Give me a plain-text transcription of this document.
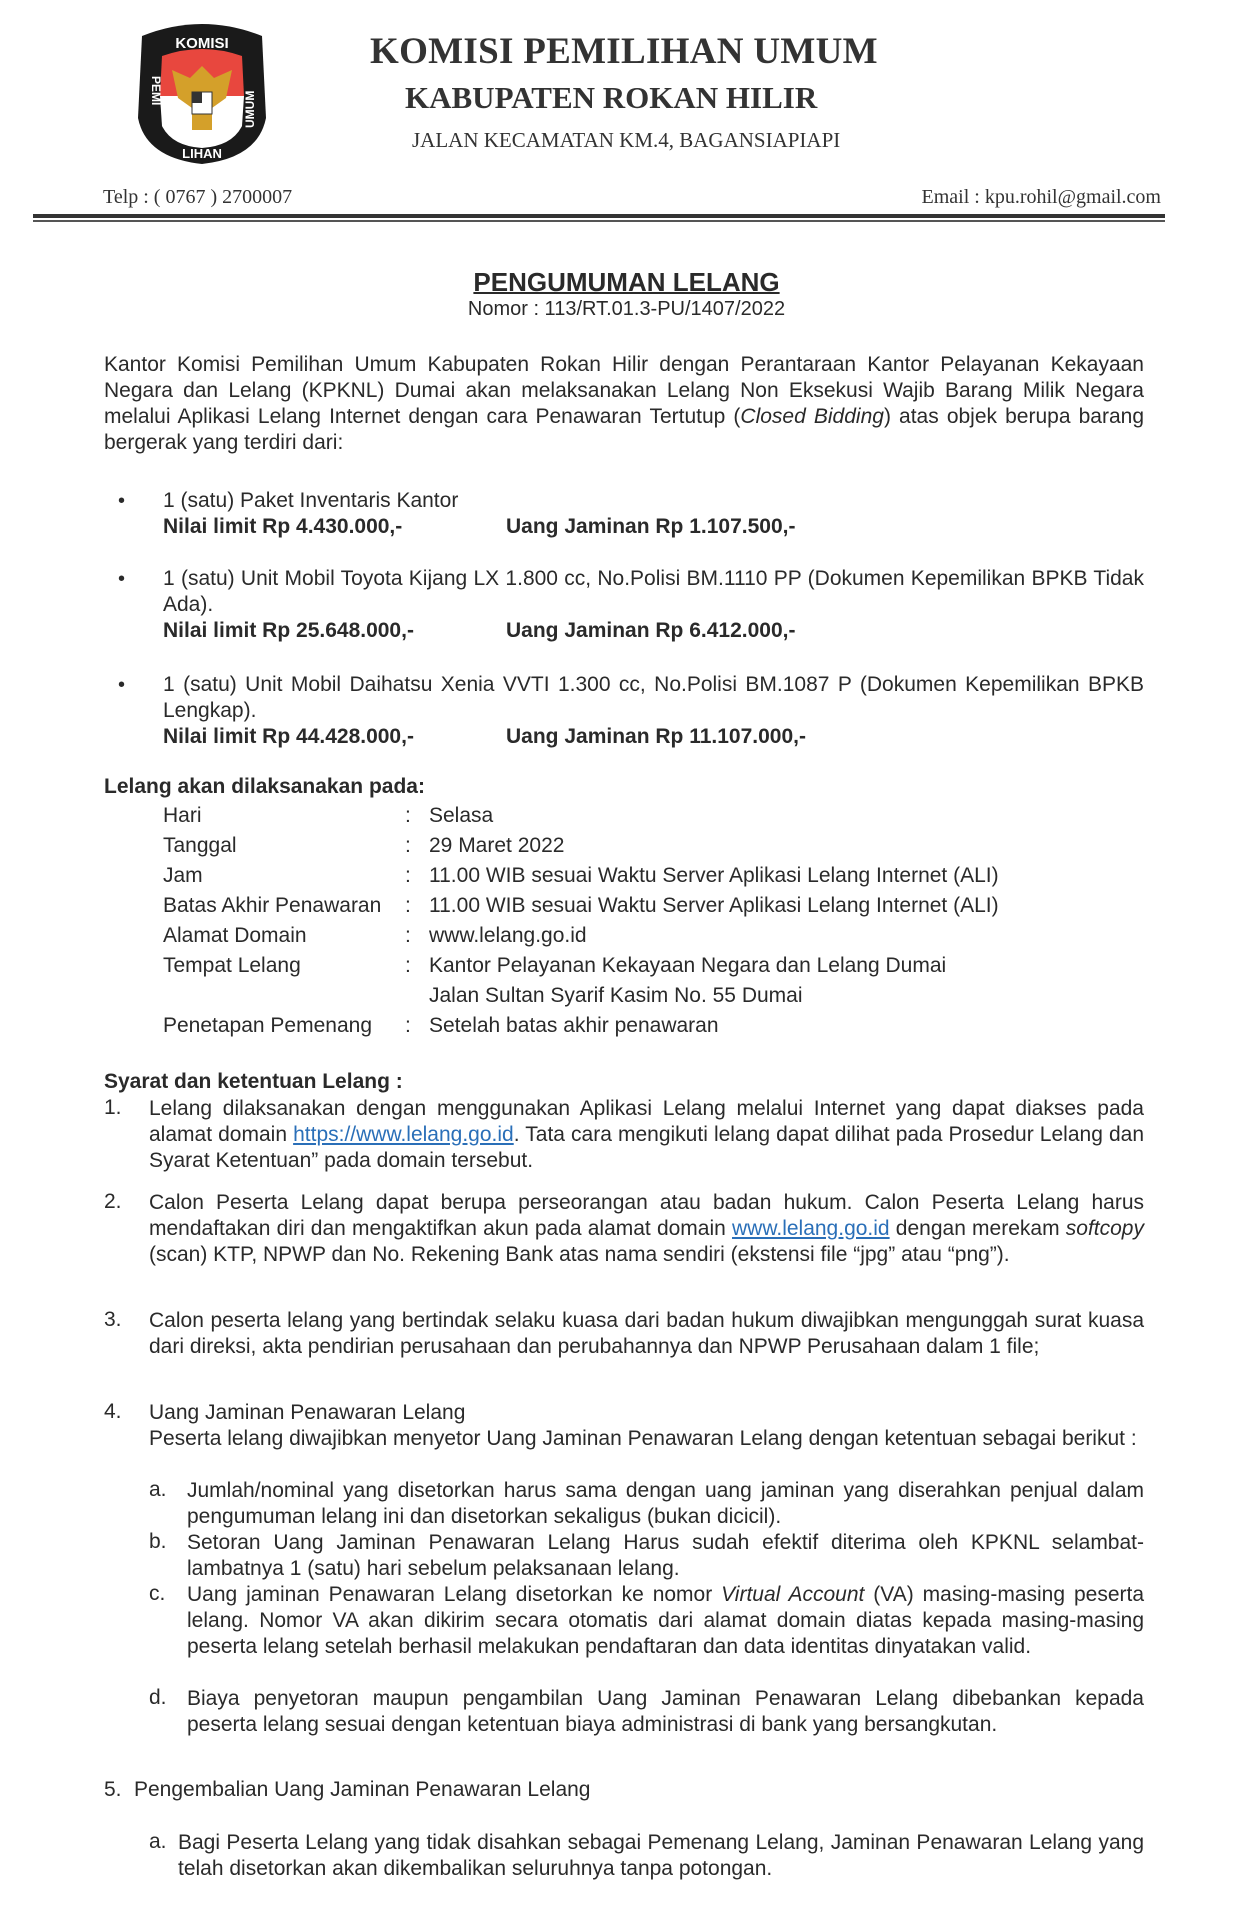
KOMISI
LIHAN
PEMI	UMUM
KOMISI PEMILIHAN UMUM
KABUPATEN ROKAN HILIR
JALAN KECAMATAN KM.4, BAGANSIAPIAPI
Telp : ( 0767 ) 2700007	Email : kpu.rohil@gmail.com
PENGUMUMAN LELANG
Nomor : 113/RT.01.3-PU/1407/2022
Kantor Komisi Pemilihan Umum Kabupaten Rokan Hilir dengan Perantaraan Kantor Pelayanan Kekayaan Negara dan Lelang (KPKNL) Dumai akan melaksanakan Lelang Non Eksekusi Wajib Barang Milik Negara melalui Aplikasi Lelang Internet dengan cara Penawaran Tertutup (Closed Bidding) atas objek berupa barang bergerak yang terdiri dari:
• 1 (satu) Paket Inventaris Kantor
Nilai limit Rp 4.430.000,-	Uang Jaminan Rp 1.107.500,-
• 1 (satu) Unit Mobil Toyota Kijang LX 1.800 cc, No.Polisi BM.1110 PP (Dokumen Kepemilikan BPKB Tidak Ada).
Nilai limit Rp 25.648.000,-	Uang Jaminan Rp 6.412.000,-
• 1 (satu) Unit Mobil Daihatsu Xenia VVTI 1.300 cc, No.Polisi BM.1087 P (Dokumen Kepemilikan BPKB Lengkap).
Nilai limit Rp 44.428.000,-	Uang Jaminan Rp 11.107.000,-
Lelang akan dilaksanakan pada:
Hari	: Selasa
Tanggal	: 29 Maret 2022
Jam	: 11.00 WIB sesuai Waktu Server Aplikasi Lelang Internet (ALI)
Batas Akhir Penawaran : 11.00 WIB sesuai Waktu Server Aplikasi Lelang Internet (ALI)
Alamat Domain	: www.lelang.go.id
Tempat Lelang	: Kantor Pelayanan Kekayaan Negara dan Lelang Dumai
Jalan Sultan Syarif Kasim No. 55 Dumai
Penetapan Pemenang : Setelah batas akhir penawaran
Syarat dan ketentuan Lelang :
1. Lelang dilaksanakan dengan menggunakan Aplikasi Lelang melalui Internet yang dapat diakses pada alamat domain https://www.lelang.go.id. Tata cara mengikuti lelang dapat dilihat pada Prosedur Lelang dan Syarat Ketentuan” pada domain tersebut.
2. Calon Peserta Lelang dapat berupa perseorangan atau badan hukum. Calon Peserta Lelang harus mendaftakan diri dan mengaktifkan akun pada alamat domain www.lelang.go.id dengan merekam softcopy (scan) KTP, NPWP dan No. Rekening Bank atas nama sendiri (ekstensi file “jpg” atau “png”).
3. Calon peserta lelang yang bertindak selaku kuasa dari badan hukum diwajibkan mengunggah surat kuasa dari direksi, akta pendirian perusahaan dan perubahannya dan NPWP Perusahaan dalam 1 file;
4. Uang Jaminan Penawaran Lelang
Peserta lelang diwajibkan menyetor Uang Jaminan Penawaran Lelang dengan ketentuan sebagai berikut :
a. Jumlah/nominal yang disetorkan harus sama dengan uang jaminan yang diserahkan penjual dalam pengumuman lelang ini dan disetorkan sekaligus (bukan dicicil).
b. Setoran Uang Jaminan Penawaran Lelang Harus sudah efektif diterima oleh KPKNL selambat-lambatnya 1 (satu) hari sebelum pelaksanaan lelang.
c. Uang jaminan Penawaran Lelang disetorkan ke nomor Virtual Account (VA) masing-masing peserta lelang. Nomor VA akan dikirim secara otomatis dari alamat domain diatas kepada masing-masing peserta lelang setelah berhasil melakukan pendaftaran dan data identitas dinyatakan valid.
d. Biaya penyetoran maupun pengambilan Uang Jaminan Penawaran Lelang dibebankan kepada peserta lelang sesuai dengan ketentuan biaya administrasi di bank yang bersangkutan.
5. Pengembalian Uang Jaminan Penawaran Lelang
a. Bagi Peserta Lelang yang tidak disahkan sebagai Pemenang Lelang, Jaminan Penawaran Lelang yang telah disetorkan akan dikembalikan seluruhnya tanpa potongan.
